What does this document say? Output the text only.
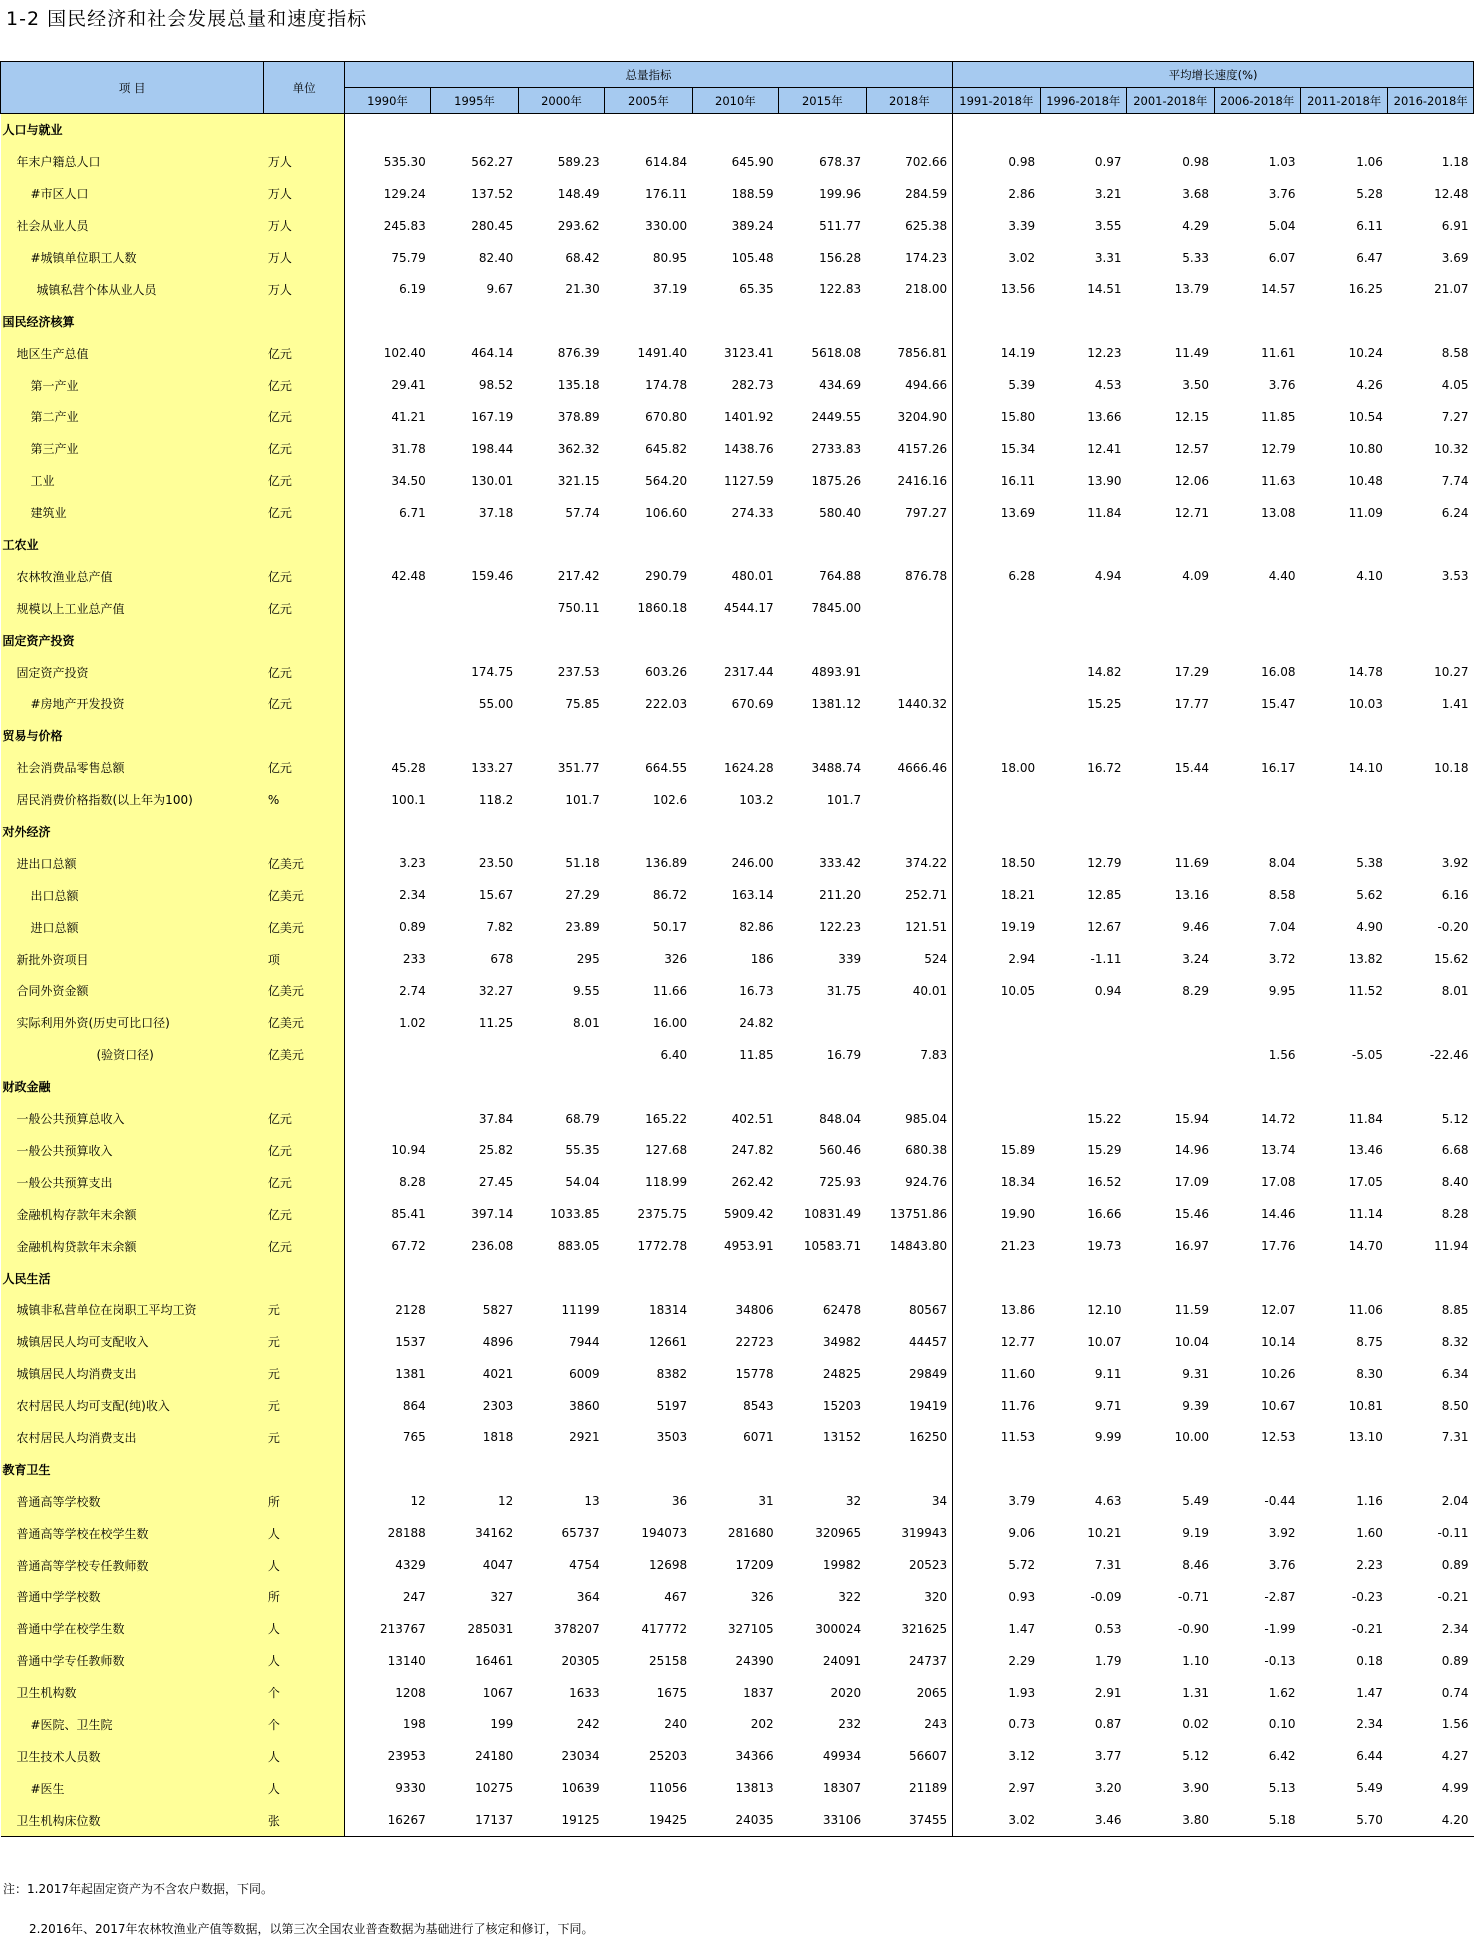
1-2 国民经济和社会发展总量和速度指标
项 目	单位	总量指标							平均增长速度(%)					
		1990年	1995年	2000年	2005年	2010年	2015年	2018年	1991-2018年	1996-2018年	2001-2018年	2006-2018年	2011-2018年	2016-2018年
人口与就业														
年末户籍总人口	万人	535.30	562.27	589.23	614.84	645.90	678.37	702.66	0.98	0.97	0.98	1.03	1.06	1.18
#市区人口	万人	129.24	137.52	148.49	176.11	188.59	199.96	284.59	2.86	3.21	3.68	3.76	5.28	12.48
社会从业人员	万人	245.83	280.45	293.62	330.00	389.24	511.77	625.38	3.39	3.55	4.29	5.04	6.11	6.91
#城镇单位职工人数	万人	75.79	82.40	68.42	80.95	105.48	156.28	174.23	3.02	3.31	5.33	6.07	6.47	3.69
城镇私营个体从业人员	万人	6.19	9.67	21.30	37.19	65.35	122.83	218.00	13.56	14.51	13.79	14.57	16.25	21.07
国民经济核算														
地区生产总值	亿元	102.40	464.14	876.39	1491.40	3123.41	5618.08	7856.81	14.19	12.23	11.49	11.61	10.24	8.58
第一产业	亿元	29.41	98.52	135.18	174.78	282.73	434.69	494.66	5.39	4.53	3.50	3.76	4.26	4.05
第二产业	亿元	41.21	167.19	378.89	670.80	1401.92	2449.55	3204.90	15.80	13.66	12.15	11.85	10.54	7.27
第三产业	亿元	31.78	198.44	362.32	645.82	1438.76	2733.83	4157.26	15.34	12.41	12.57	12.79	10.80	10.32
工业	亿元	34.50	130.01	321.15	564.20	1127.59	1875.26	2416.16	16.11	13.90	12.06	11.63	10.48	7.74
建筑业	亿元	6.71	37.18	57.74	106.60	274.33	580.40	797.27	13.69	11.84	12.71	13.08	11.09	6.24
工农业														
农林牧渔业总产值	亿元	42.48	159.46	217.42	290.79	480.01	764.88	876.78	6.28	4.94	4.09	4.40	4.10	3.53
规模以上工业总产值	亿元			750.11	1860.18	4544.17	7845.00							
固定资产投资														
固定资产投资	亿元		174.75	237.53	603.26	2317.44	4893.91			14.82	17.29	16.08	14.78	10.27
#房地产开发投资	亿元		55.00	75.85	222.03	670.69	1381.12	1440.32		15.25	17.77	15.47	10.03	1.41
贸易与价格														
社会消费品零售总额	亿元	45.28	133.27	351.77	664.55	1624.28	3488.74	4666.46	18.00	16.72	15.44	16.17	14.10	10.18
居民消费价格指数(以上年为100)	%	100.1	118.2	101.7	102.6	103.2	101.7							
对外经济														
进出口总额	亿美元	3.23	23.50	51.18	136.89	246.00	333.42	374.22	18.50	12.79	11.69	8.04	5.38	3.92
出口总额	亿美元	2.34	15.67	27.29	86.72	163.14	211.20	252.71	18.21	12.85	13.16	8.58	5.62	6.16
进口总额	亿美元	0.89	7.82	23.89	50.17	82.86	122.23	121.51	19.19	12.67	9.46	7.04	4.90	-0.20
新批外资项目	项	233	678	295	326	186	339	524	2.94	-1.11	3.24	3.72	13.82	15.62
合同外资金额	亿美元	2.74	32.27	9.55	11.66	16.73	31.75	40.01	10.05	0.94	8.29	9.95	11.52	8.01
实际利用外资(历史可比口径)	亿美元	1.02	11.25	8.01	16.00	24.82								
(验资口径)	亿美元				6.40	11.85	16.79	7.83				1.56	-5.05	-22.46
财政金融														
一般公共预算总收入	亿元		37.84	68.79	165.22	402.51	848.04	985.04		15.22	15.94	14.72	11.84	5.12
一般公共预算收入	亿元	10.94	25.82	55.35	127.68	247.82	560.46	680.38	15.89	15.29	14.96	13.74	13.46	6.68
一般公共预算支出	亿元	8.28	27.45	54.04	118.99	262.42	725.93	924.76	18.34	16.52	17.09	17.08	17.05	8.40
金融机构存款年末余额	亿元	85.41	397.14	1033.85	2375.75	5909.42	10831.49	13751.86	19.90	16.66	15.46	14.46	11.14	8.28
金融机构贷款年末余额	亿元	67.72	236.08	883.05	1772.78	4953.91	10583.71	14843.80	21.23	19.73	16.97	17.76	14.70	11.94
人民生活														
城镇非私营单位在岗职工平均工资	元	2128	5827	11199	18314	34806	62478	80567	13.86	12.10	11.59	12.07	11.06	8.85
城镇居民人均可支配收入	元	1537	4896	7944	12661	22723	34982	44457	12.77	10.07	10.04	10.14	8.75	8.32
城镇居民人均消费支出	元	1381	4021	6009	8382	15778	24825	29849	11.60	9.11	9.31	10.26	8.30	6.34
农村居民人均可支配(纯)收入	元	864	2303	3860	5197	8543	15203	19419	11.76	9.71	9.39	10.67	10.81	8.50
农村居民人均消费支出	元	765	1818	2921	3503	6071	13152	16250	11.53	9.99	10.00	12.53	13.10	7.31
教育卫生														
普通高等学校数	所	12	12	13	36	31	32	34	3.79	4.63	5.49	-0.44	1.16	2.04
普通高等学校在校学生数	人	28188	34162	65737	194073	281680	320965	319943	9.06	10.21	9.19	3.92	1.60	-0.11
普通高等学校专任教师数	人	4329	4047	4754	12698	17209	19982	20523	5.72	7.31	8.46	3.76	2.23	0.89
普通中学学校数	所	247	327	364	467	326	322	320	0.93	-0.09	-0.71	-2.87	-0.23	-0.21
普通中学在校学生数	人	213767	285031	378207	417772	327105	300024	321625	1.47	0.53	-0.90	-1.99	-0.21	2.34
普通中学专任教师数	人	13140	16461	20305	25158	24390	24091	24737	2.29	1.79	1.10	-0.13	0.18	0.89
卫生机构数	个	1208	1067	1633	1675	1837	2020	2065	1.93	2.91	1.31	1.62	1.47	0.74
#医院、卫生院	个	198	199	242	240	202	232	243	0.73	0.87	0.02	0.10	2.34	1.56
卫生技术人员数	人	23953	24180	23034	25203	34366	49934	56607	3.12	3.77	5.12	6.42	6.44	4.27
#医生	人	9330	10275	10639	11056	13813	18307	21189	2.97	3.20	3.90	5.13	5.49	4.99
卫生机构床位数	张	16267	17137	19125	19425	24035	33106	37455	3.02	3.46	3.80	5.18	5.70	4.20
注：1.2017年起固定资产为不含农户数据，下同。
2.2016年、2017年农林牧渔业产值等数据，以第三次全国农业普查数据为基础进行了核定和修订，下同。
